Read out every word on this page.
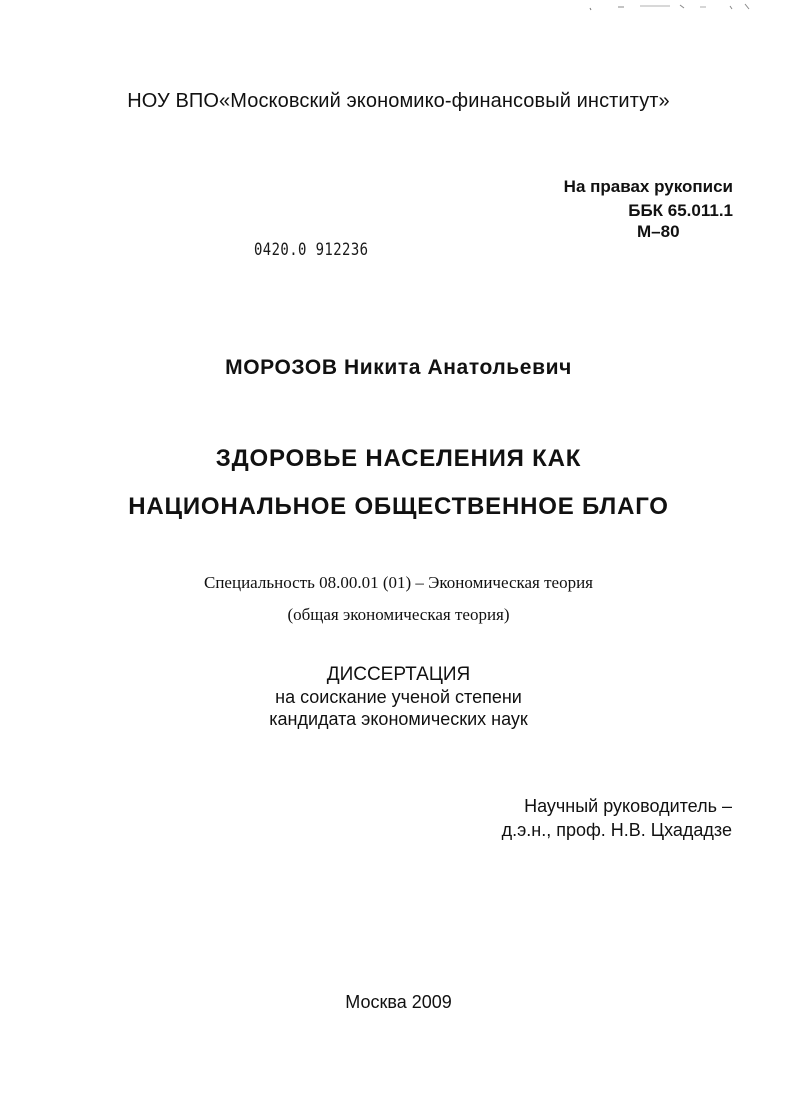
НОУ ВПО«Московский экономико-финансовый институт»
На правах рукописи
ББК 65.011.1
М–80
0420.0 912236
МОРОЗОВ Никита Анатольевич
ЗДОРОВЬЕ НАСЕЛЕНИЯ КАК
НАЦИОНАЛЬНОЕ ОБЩЕСТВЕННОЕ БЛАГО
Специальность 08.00.01 (01) – Экономическая теория
(общая экономическая теория)
ДИССЕРТАЦИЯ
на соискание ученой степени
кандидата экономических наук
Научный руководитель –
д.э.н., проф. Н.В. Цхададзе
Москва 2009
